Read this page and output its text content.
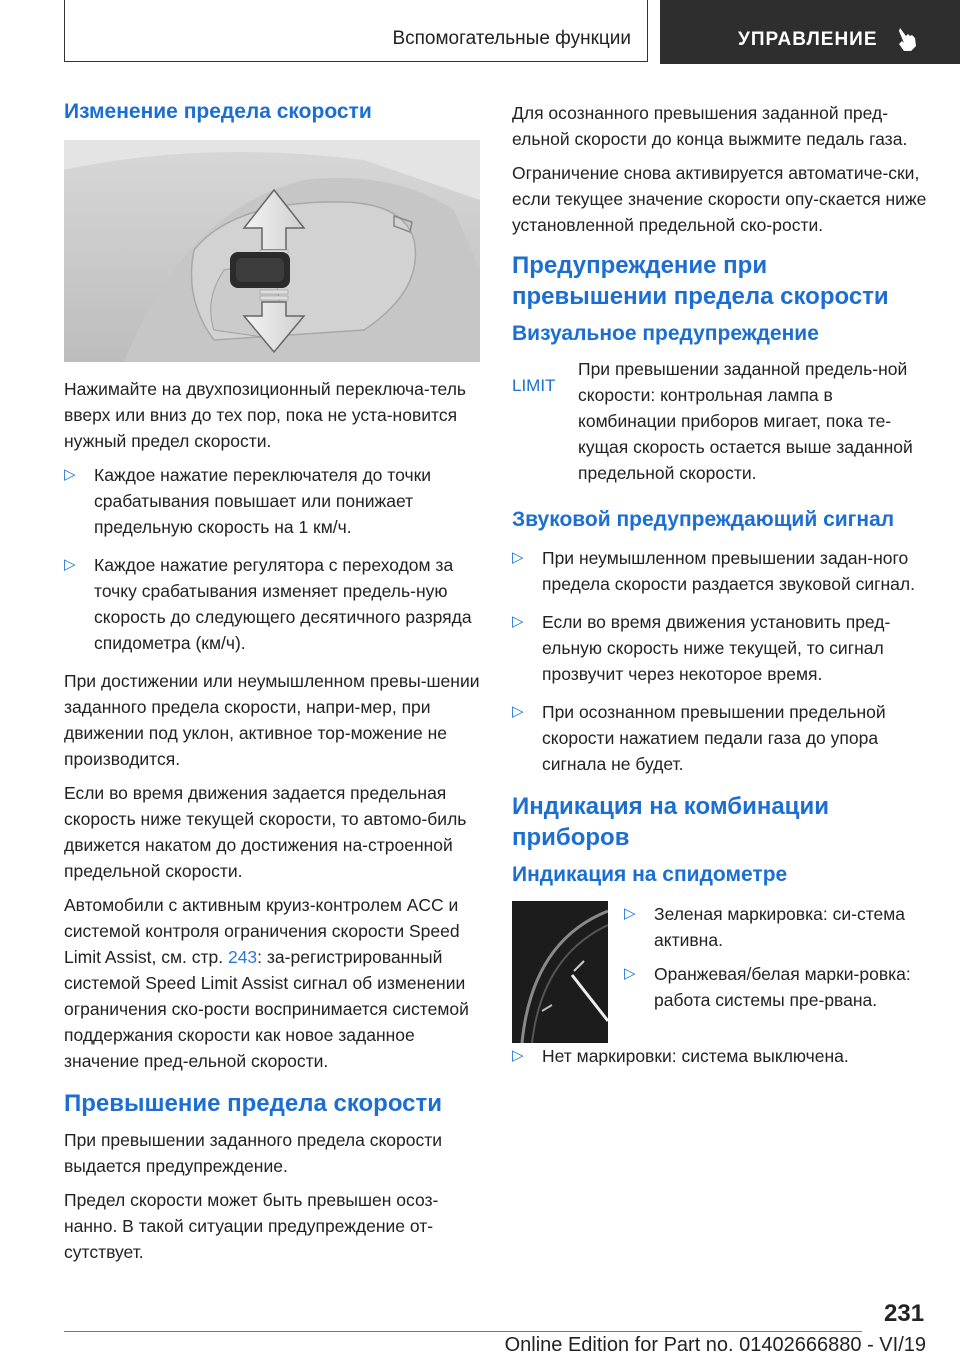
Вспомогательные функции	УПРАВЛЕНИЕ
Изменение предела скорости

Нажимайте на двухпозиционный переключа-тель вверх или вниз до тех пор, пока не уста-новится нужный предел скорости.

▷ Каждое нажатие переключателя до точки срабатывания повышает или понижает предельную скорость на 1 км/ч.
▷ Каждое нажатие регулятора с переходом за точку срабатывания изменяет предель-ную скорость до следующего десятичного разряда спидометра (км/ч).

При достижении или неумышленном превы-шении заданного предела скорости, напри-мер, при движении под уклон, активное тор-можение не производится.

Если во время движения задается предельная скорость ниже текущей скорости, то автомо-биль движется накатом до достижения на-строенной предельной скорости.

Автомобили с активным круиз-контролем ACC и системой контроля ограничения скорости Speed Limit Assist, см. стр. 243: за-регистрированный системой Speed Limit Assist сигнал об изменении ограничения ско-рости воспринимается системой поддержания скорости как новое заданное значение пред-ельной скорости.

Превышение предела скорости

При превышении заданного предела скорости выдается предупреждение.

Предел скорости может быть превышен осоз-нанно. В такой ситуации предупреждение от-сутствует.

Для осознанного превышения заданной пред-ельной скорости до конца выжмите педаль газа.

Ограничение снова активируется автоматиче-ски, если текущее значение скорости опу-скается ниже установленной предельной ско-рости.

Предупреждение при превышении предела скорости
Визуальное предупреждение
LIMIT

При превышении заданной предель-ной скорости: контрольная лампа в комбинации приборов мигает, пока те-кущая скорость остается выше заданной предельной скорости.

Звуковой предупреждающий сигнал
▷ При неумышленном превышении задан-ного предела скорости раздается звуковой сигнал.
▷ Если во время движения установить пред-ельную скорость ниже текущей, то сигнал прозвучит через некоторое время.
▷ При осознанном превышении предельной скорости нажатием педали газа до упора сигнала не будет.
Индикация на комбинации приборов
Индикация на спидометре
▷ Зеленая маркировка: си-стема активна.
▷ Оранжевая/белая марки-ровка: работа системы пре-рвана.
▷ Нет маркировки: система выключена.
231
Online Edition for Part no. 01402666880 - VI/19
